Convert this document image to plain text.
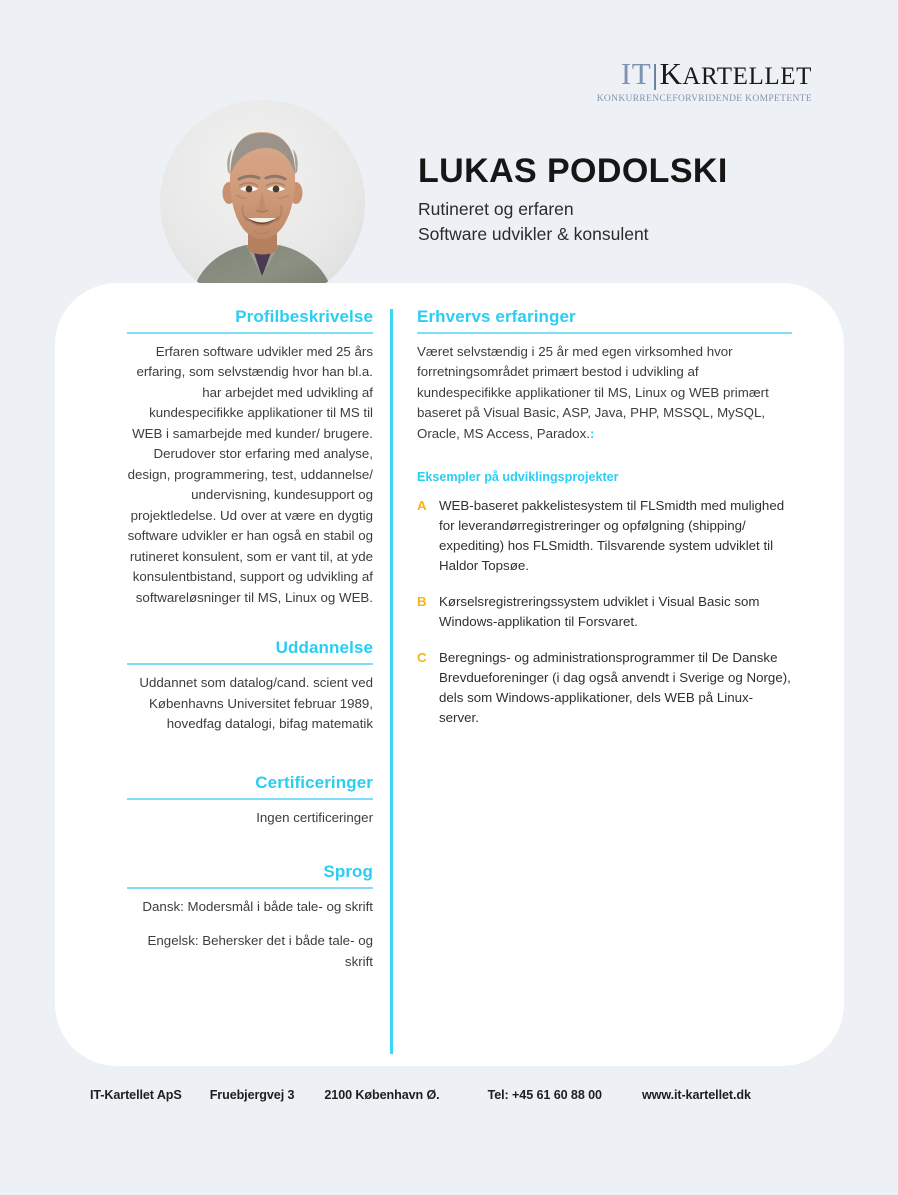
IT|KARTELLET
KONKURRENCEFORVRIDENDE KOMPETENTE
LUKAS PODOLSKI
Rutineret og erfaren
Software udvikler & konsulent
Profilbeskrivelse
Erfaren software udvikler med 25 års erfaring, som selvstændig hvor han bl.a. har arbejdet med udvikling af kundespecifikke applikationer til MS til WEB i samarbejde med kunder/ brugere. Derudover stor erfaring med analyse, design, programmering, test, uddannelse/ undervisning, kundesupport og projektledelse. Ud over at være en dygtig software udvikler er han også en stabil og rutineret konsulent, som er vant til, at yde konsulentbistand, support og udvikling af softwareløsninger til MS, Linux og WEB.
Uddannelse
Uddannet som datalog/cand. scient ved Københavns Universitet februar 1989, hovedfag datalogi, bifag matematik
Certificeringer
Ingen certificeringer
Sprog
Dansk: Modersmål i både tale- og skrift
Engelsk: Behersker det i både tale- og skrift
Erhvervs erfaringer
Været selvstændig i 25 år med egen virksomhed hvor forretningsområdet primært bestod i udvikling af kundespecifikke applikationer til MS, Linux og WEB primært baseret på Visual Basic, ASP, Java, PHP, MSSQL, MySQL, Oracle, MS Access, Paradox.:
Eksempler på udviklingsprojekter
A WEB-baseret pakkelistesystem til FLSmidth med mulighed for leverandørregistreringer og opfølgning (shipping/ expediting) hos FLSmidth. Tilsvarende system udviklet til Haldor Topsøe.
B Kørselsregistreringssystem udviklet i Visual Basic som Windows-applikation til Forsvaret.
C Beregnings- og administrationsprogrammer til De Danske Brevdueforeninger (i dag også anvendt i Sverige og Norge), dels som Windows-applikationer, dels WEB på Linux-server.
IT-Kartellet ApS Fruebjergvej 3 2100 København Ø.	Tel: +45 61 60 88 00	www.it-kartellet.dk
